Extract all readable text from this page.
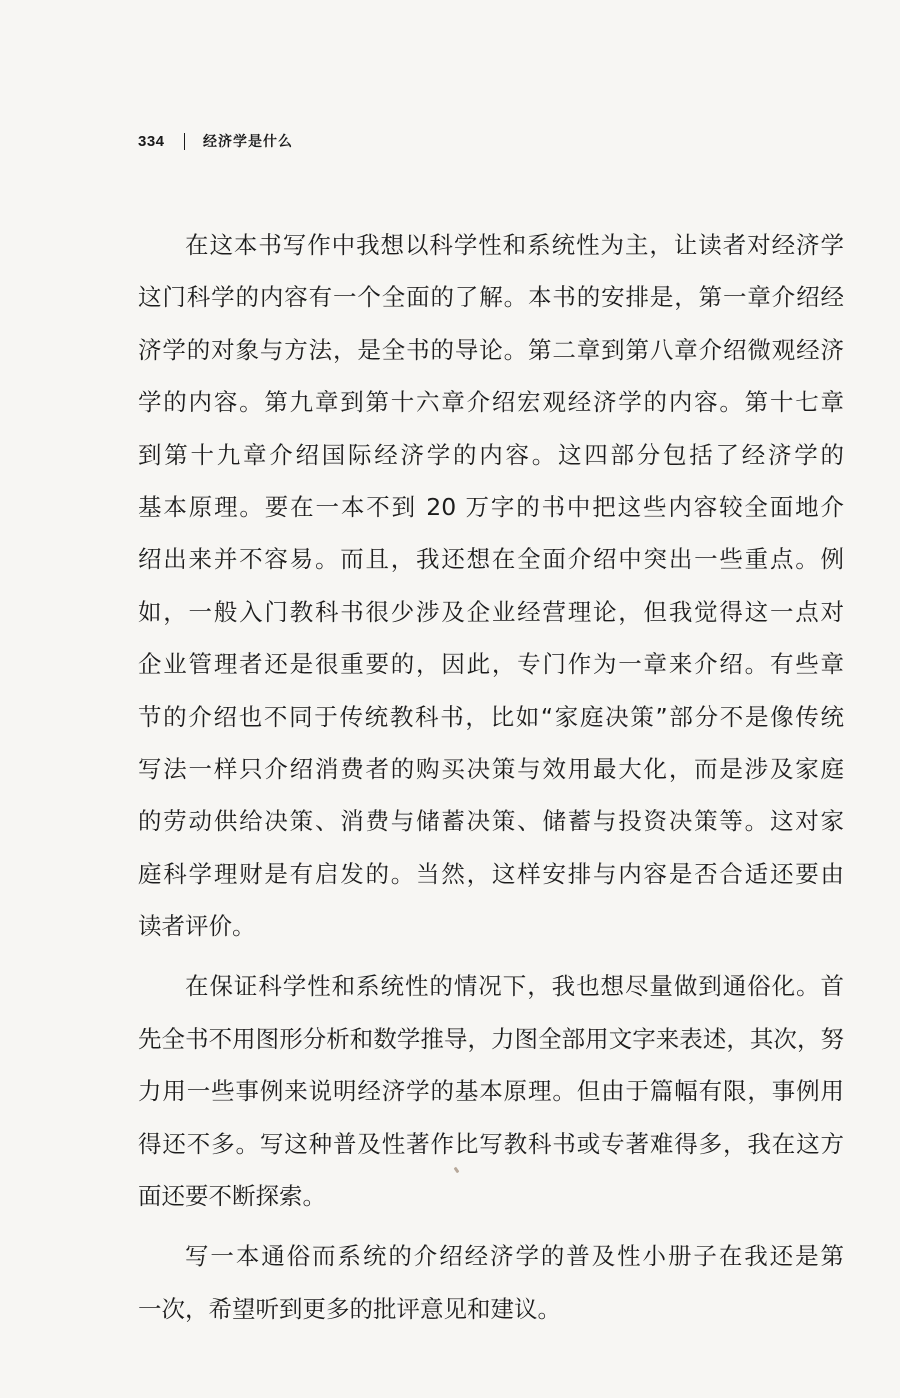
334	经济学是什么
在这本书写作中我想以科学性和系统性为主，让读者对经济学
这门科学的内容有一个全面的了解。本书的安排是，第一章介绍经
济学的对象与方法，是全书的导论。第二章到第八章介绍微观经济
学的内容。第九章到第十六章介绍宏观经济学的内容。第十七章
到第十九章介绍国际经济学的内容。这四部分包括了经济学的
基本原理。要在一本不到 20 万字的书中把这些内容较全面地介
绍出来并不容易。而且，我还想在全面介绍中突出一些重点。例
如，一般入门教科书很少涉及企业经营理论，但我觉得这一点对
企业管理者还是很重要的，因此，专门作为一章来介绍。有些章
节的介绍也不同于传统教科书，比如“家庭决策”部分不是像传统
写法一样只介绍消费者的购买决策与效用最大化，而是涉及家庭
的劳动供给决策、消费与储蓄决策、储蓄与投资决策等。这对家
庭科学理财是有启发的。当然，这样安排与内容是否合适还要由
读者评价。
在保证科学性和系统性的情况下，我也想尽量做到通俗化。首
先全书不用图形分析和数学推导，力图全部用文字来表述，其次，努
力用一些事例来说明经济学的基本原理。但由于篇幅有限，事例用
得还不多。写这种普及性著作比写教科书或专著难得多，我在这方
面还要不断探索。
写一本通俗而系统的介绍经济学的普及性小册子在我还是第
一次，希望听到更多的批评意见和建议。
